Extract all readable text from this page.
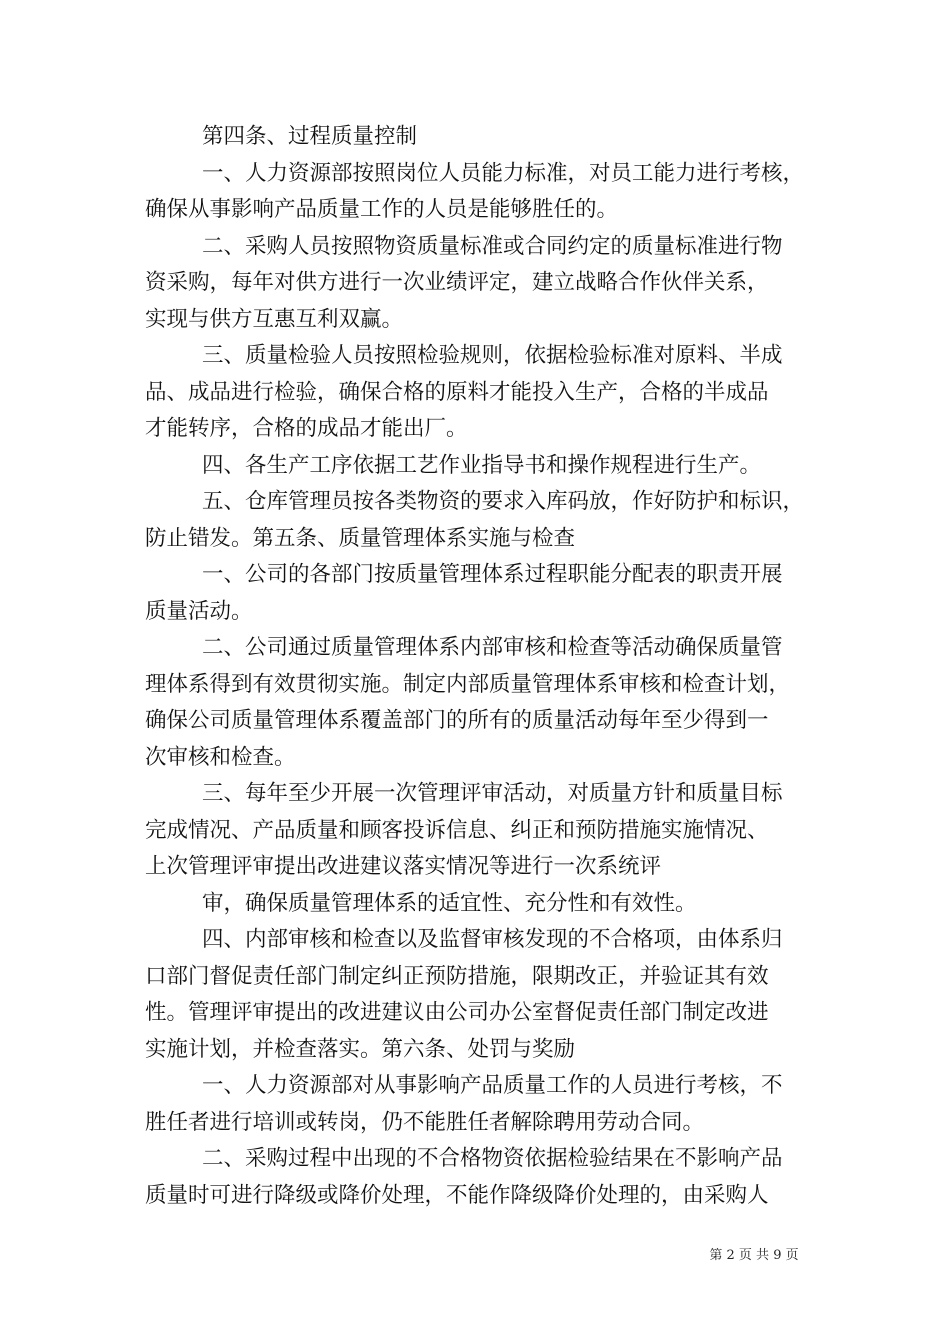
第四条、过程质量控制
一、人力资源部按照岗位人员能力标准，对员工能力进行考核，
确保从事影响产品质量工作的人员是能够胜任的。
二、采购人员按照物资质量标准或合同约定的质量标准进行物
资采购，每年对供方进行一次业绩评定，建立战略合作伙伴关系，
实现与供方互惠互利双赢。
三、质量检验人员按照检验规则，依据检验标准对原料、半成
品、成品进行检验，确保合格的原料才能投入生产，合格的半成品
才能转序，合格的成品才能出厂。
四、各生产工序依据工艺作业指导书和操作规程进行生产。
五、仓库管理员按各类物资的要求入库码放，作好防护和标识，
防止错发。第五条、质量管理体系实施与检查
一、公司的各部门按质量管理体系过程职能分配表的职责开展
质量活动。
二、公司通过质量管理体系内部审核和检查等活动确保质量管
理体系得到有效贯彻实施。制定内部质量管理体系审核和检查计划，
确保公司质量管理体系覆盖部门的所有的质量活动每年至少得到一
次审核和检查。
三、每年至少开展一次管理评审活动，对质量方针和质量目标
完成情况、产品质量和顾客投诉信息、纠正和预防措施实施情况、
上次管理评审提出改进建议落实情况等进行一次系统评
审，确保质量管理体系的适宜性、充分性和有效性。
四、内部审核和检查以及监督审核发现的不合格项，由体系归
口部门督促责任部门制定纠正预防措施，限期改正，并验证其有效
性。管理评审提出的改进建议由公司办公室督促责任部门制定改进
实施计划，并检查落实。第六条、处罚与奖励
一、人力资源部对从事影响产品质量工作的人员进行考核，不
胜任者进行培训或转岗，仍不能胜任者解除聘用劳动合同。
二、采购过程中出现的不合格物资依据检验结果在不影响产品
质量时可进行降级或降价处理，不能作降级降价处理的，由采购人
第 2 页 共 9 页
